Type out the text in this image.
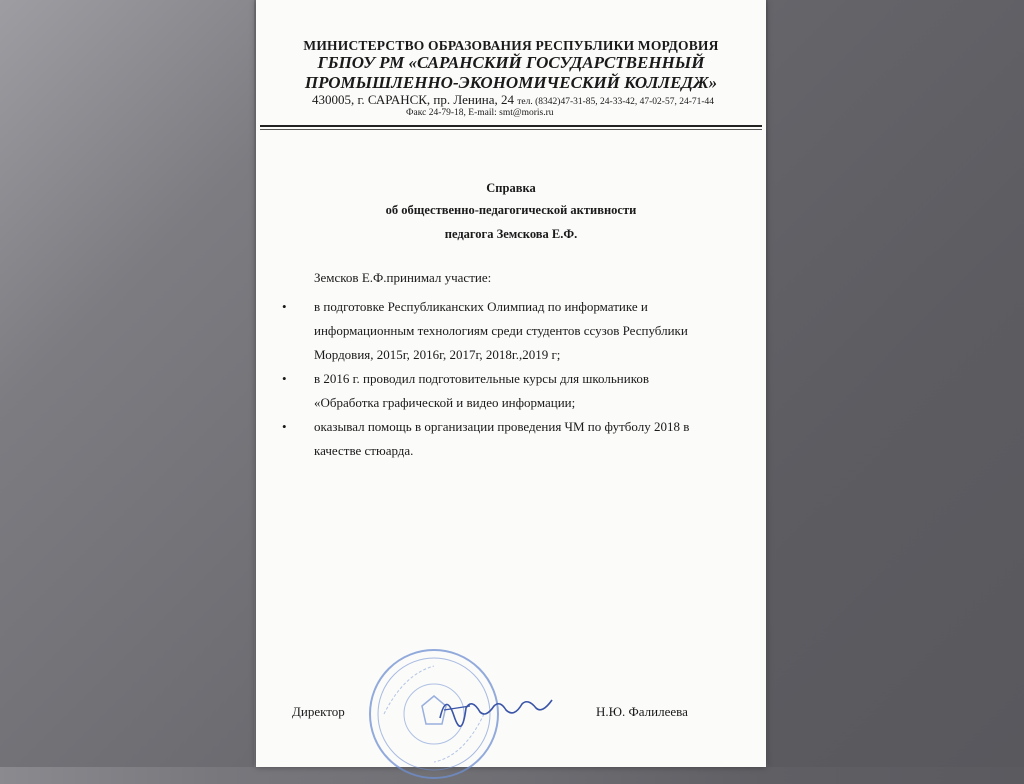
МИНИСТЕРСТВО ОБРАЗОВАНИЯ РЕСПУБЛИКИ МОРДОВИЯ
ГБПОУ РМ «САРАНСКИЙ ГОСУДАРСТВЕННЫЙ
ПРОМЫШЛЕННО-ЭКОНОМИЧЕСКИЙ КОЛЛЕДЖ»
430005, г. САРАНСК, пр. Ленина, 24 тел. (8342)47-31-85, 24-33-42, 47-02-57, 24-71-44
Факс 24-79-18, E-mail: smt@moris.ru
Справка
об общественно-педагогической активности
педагога Земскова Е.Ф.
Земсков Е.Ф.принимал участие:
• в подготовке Республиканских Олимпиад по информатике и
информационным технологиям среди студентов ссузов Республики
Мордовия, 2015г, 2016г, 2017г, 2018г.,2019 г;
• в 2016 г. проводил подготовительные курсы для школьников
«Обработка графической и видео информации;
• оказывал помощь в организации проведения ЧМ по футболу 2018 в
качестве стюарда.
Директор	Н.Ю. Фалилеева
